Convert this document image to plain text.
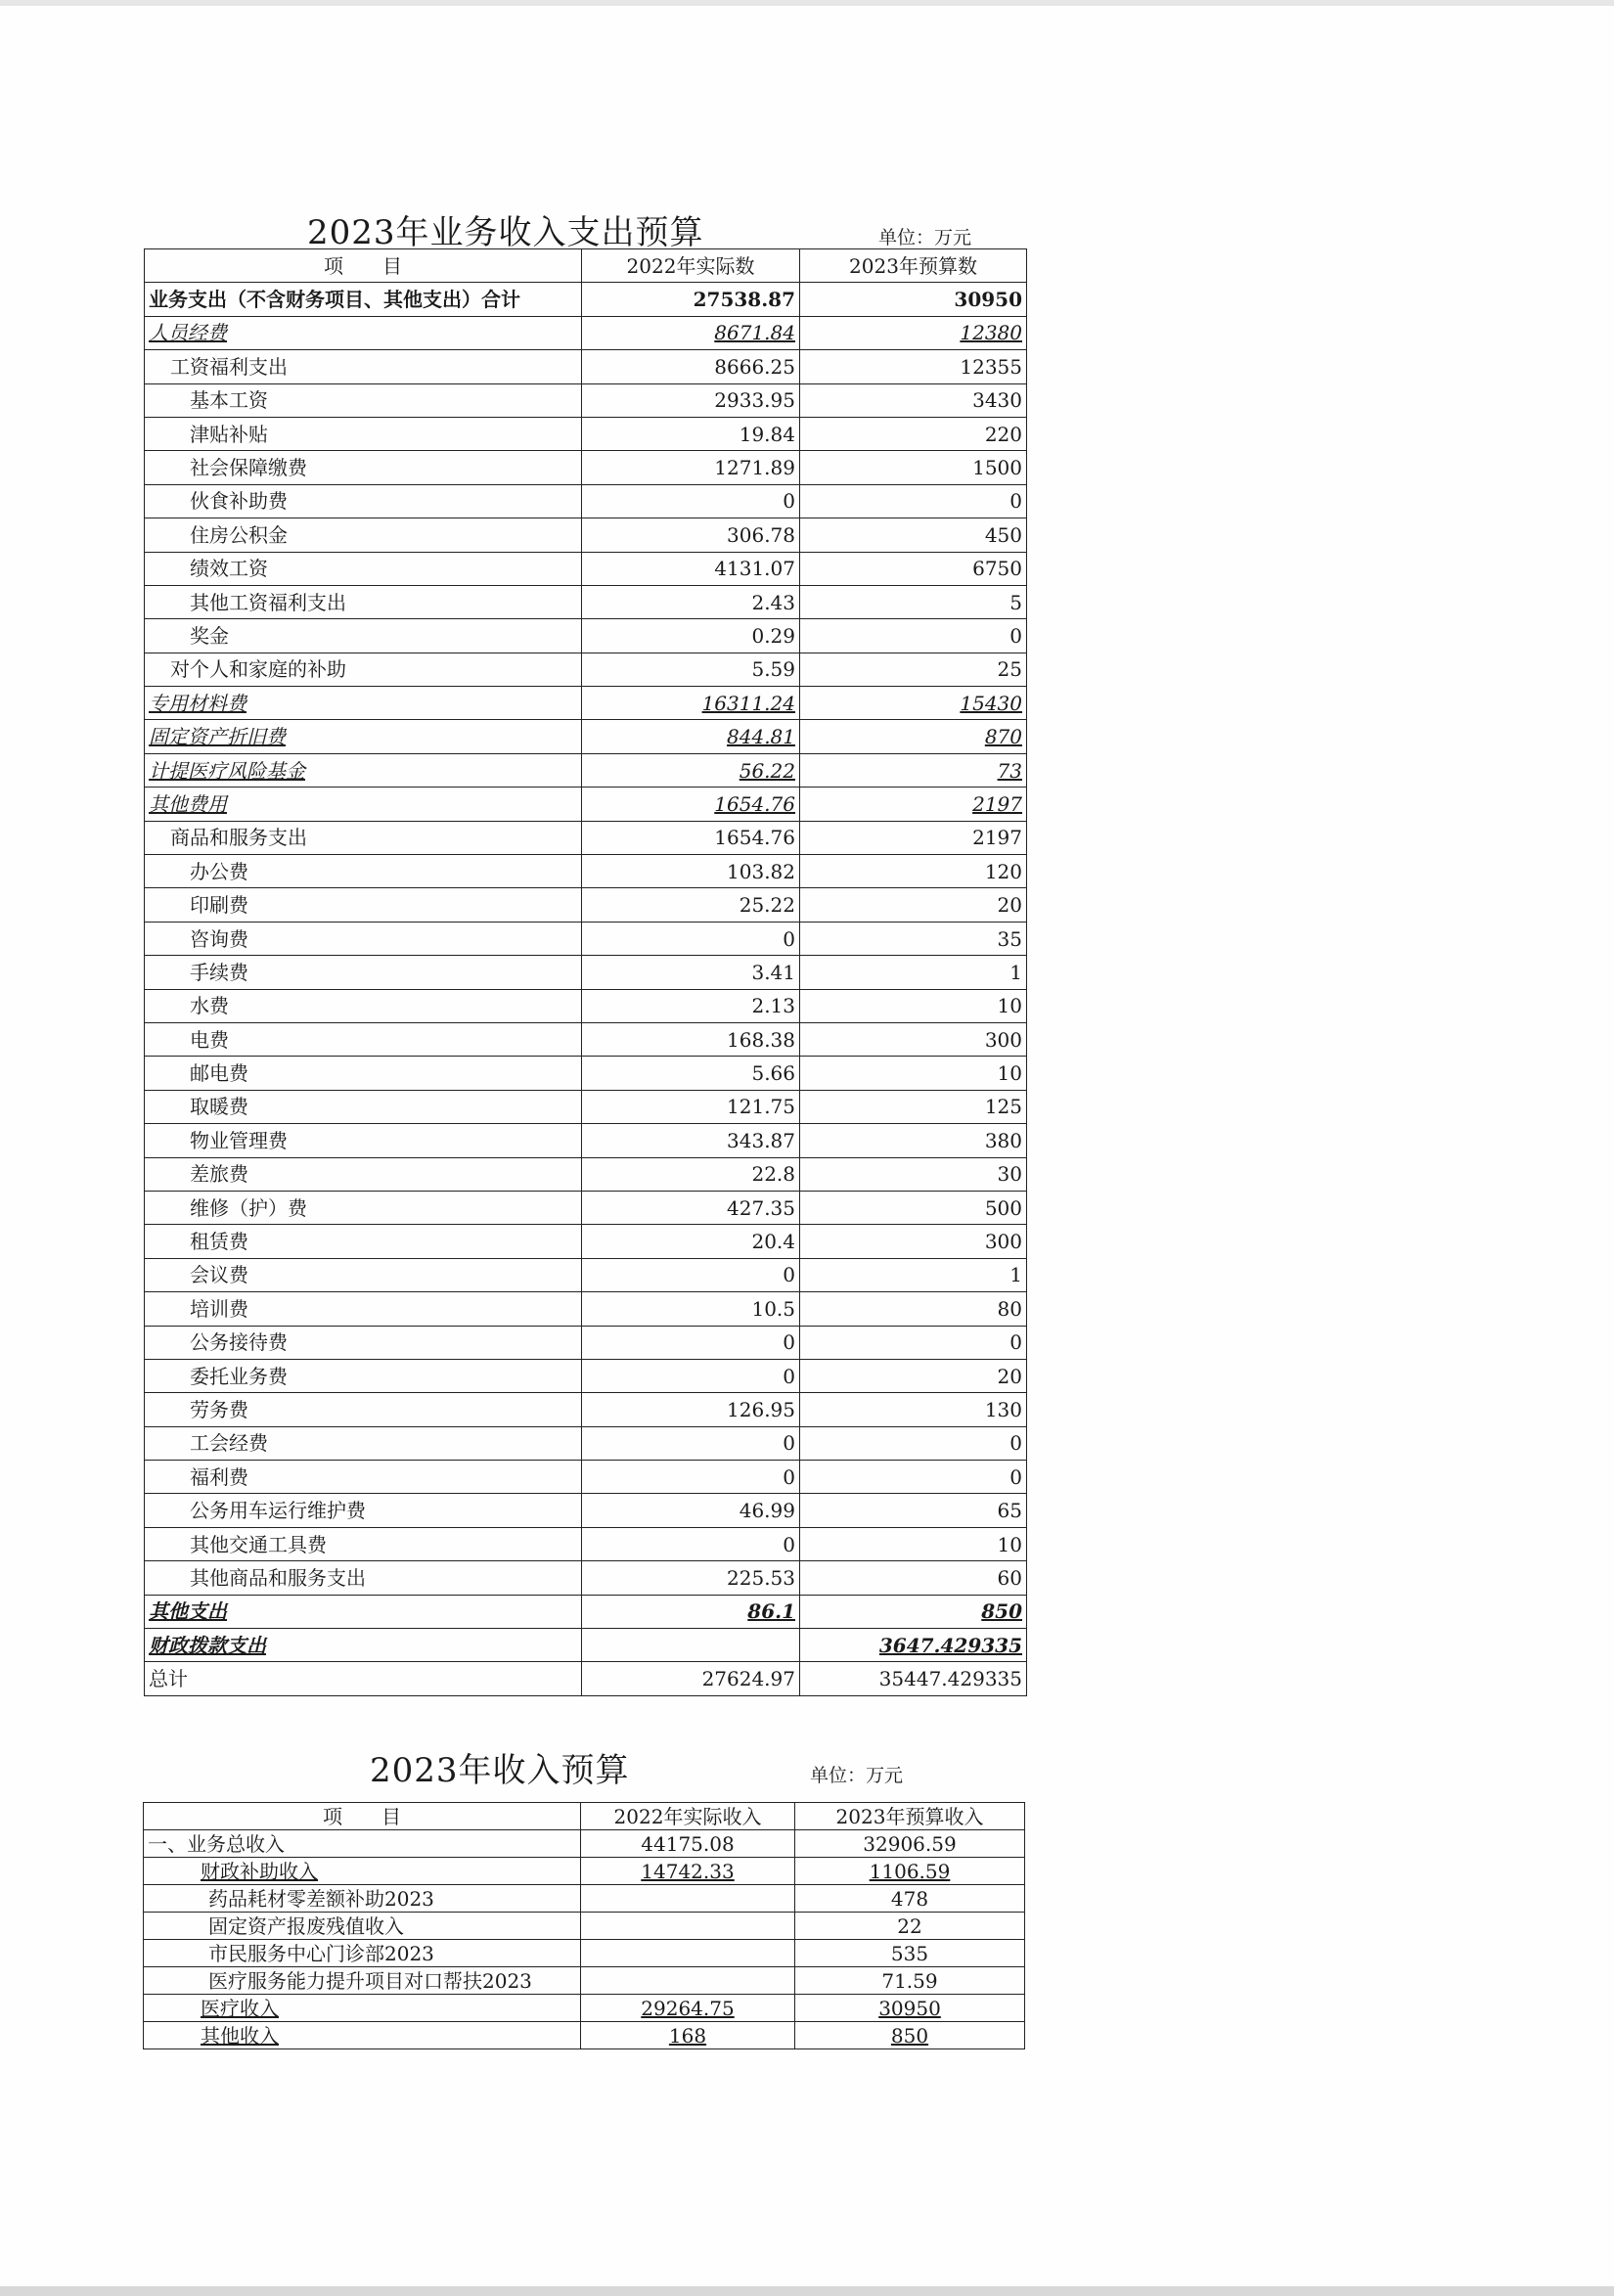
2023年业务收入支出预算	单位：万元
项　　目	2022年实际数	2023年预算数
业务支出（不含财务项目、其他支出）合计	27538.87	30950
人员经费	8671.84	12380
工资福利支出	8666.25	12355
基本工资	2933.95	3430
津贴补贴	19.84	220
社会保障缴费	1271.89	1500
伙食补助费	0	0
住房公积金	306.78	450
绩效工资	4131.07	6750
其他工资福利支出	2.43	5
奖金	0.29	0
对个人和家庭的补助	5.59	25
专用材料费	16311.24	15430
固定资产折旧费	844.81	870
计提医疗风险基金	56.22	73
其他费用	1654.76	2197
商品和服务支出	1654.76	2197
办公费	103.82	120
印刷费	25.22	20
咨询费	0	35
手续费	3.41	1
水费	2.13	10
电费	168.38	300
邮电费	5.66	10
取暖费	121.75	125
物业管理费	343.87	380
差旅费	22.8	30
维修（护）费	427.35	500
租赁费	20.4	300
会议费	0	1
培训费	10.5	80
公务接待费	0	0
委托业务费	0	20
劳务费	126.95	130
工会经费	0	0
福利费	0	0
公务用车运行维护费	46.99	65
其他交通工具费	0	10
其他商品和服务支出	225.53	60
其他支出	86.1	850
财政拨款支出		3647.429335
总计	27624.97	35447.429335
2023年收入预算	单位：万元
项　　目	2022年实际收入	2023年预算收入
一、业务总收入	44175.08	32906.59
财政补助收入	14742.33	1106.59
药品耗材零差额补助2023		478
固定资产报废残值收入		22
市民服务中心门诊部2023		535
医疗服务能力提升项目对口帮扶2023		71.59
医疗收入	29264.75	30950
其他收入	168	850
